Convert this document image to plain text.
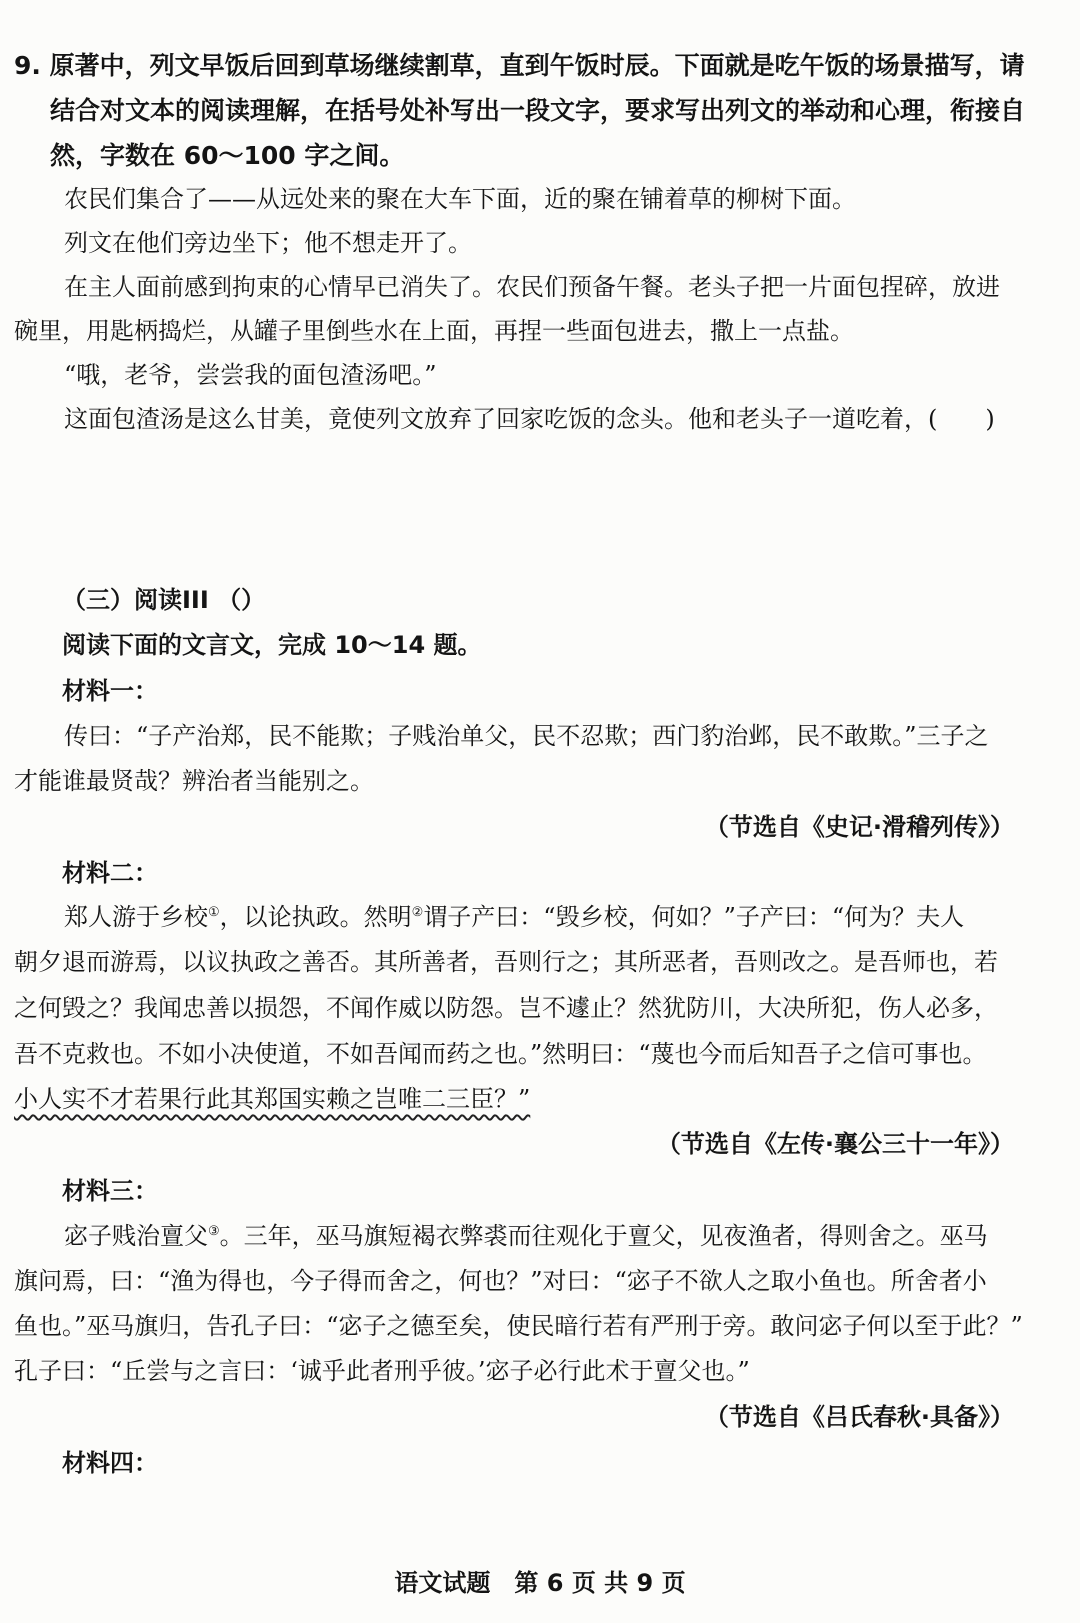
9. 原著中，列文早饭后回到草场继续割草，直到午饭时辰。下面就是吃午饭的场景描写，请
结合对文本的阅读理解，在括号处补写出一段文字，要求写出列文的举动和心理，衔接自
然，字数在 60～100 字之间。
农民们集合了——从远处来的聚在大车下面，近的聚在铺着草的柳树下面。
列文在他们旁边坐下；他不想走开了。
在主人面前感到拘束的心情早已消失了。农民们预备午餐。老头子把一片面包捏碎，放进
碗里，用匙柄捣烂，从罐子里倒些水在上面，再捏一些面包进去，撒上一点盐。
“哦，老爷，尝尝我的面包渣汤吧。”
这面包渣汤是这么甘美，竟使列文放弃了回家吃饭的念头。他和老头子一道吃着，(　　)
（三）阅读III （）
阅读下面的文言文，完成 10～14 题。
材料一：
传曰：“子产治郑，民不能欺；子贱治单父，民不忍欺；西门豹治邺，民不敢欺。”三子之
才能谁最贤哉？辨治者当能别之。
（节选自《史记·滑稽列传》）
材料二：
郑人游于乡校①，以论执政。然明②谓子产曰：“毁乡校，何如？”子产曰：“何为？夫人
朝夕退而游焉，以议执政之善否。其所善者，吾则行之；其所恶者，吾则改之。是吾师也，若
之何毁之？我闻忠善以损怨，不闻作威以防怨。岂不遽止？然犹防川，大决所犯，伤人必多，
吾不克救也。不如小决使道，不如吾闻而药之也。”然明曰：“蔑也今而后知吾子之信可事也。
小人实不才若果行此其郑国实赖之岂唯二三臣？”
（节选自《左传·襄公三十一年》）
材料三：
宓子贱治亶父③。三年，巫马旗短褐衣弊裘而往观化于亶父，见夜渔者，得则舍之。巫马
旗问焉，曰：“渔为得也，今子得而舍之，何也？”对曰：“宓子不欲人之取小鱼也。所舍者小
鱼也。”巫马旗归，告孔子曰：“宓子之德至矣，使民暗行若有严刑于旁。敢问宓子何以至于此？”
孔子曰：“丘尝与之言曰：‘诚乎此者刑乎彼。’宓子必行此术于亶父也。”
（节选自《吕氏春秋·具备》）
材料四：
语文试题　第 6 页 共 9 页
